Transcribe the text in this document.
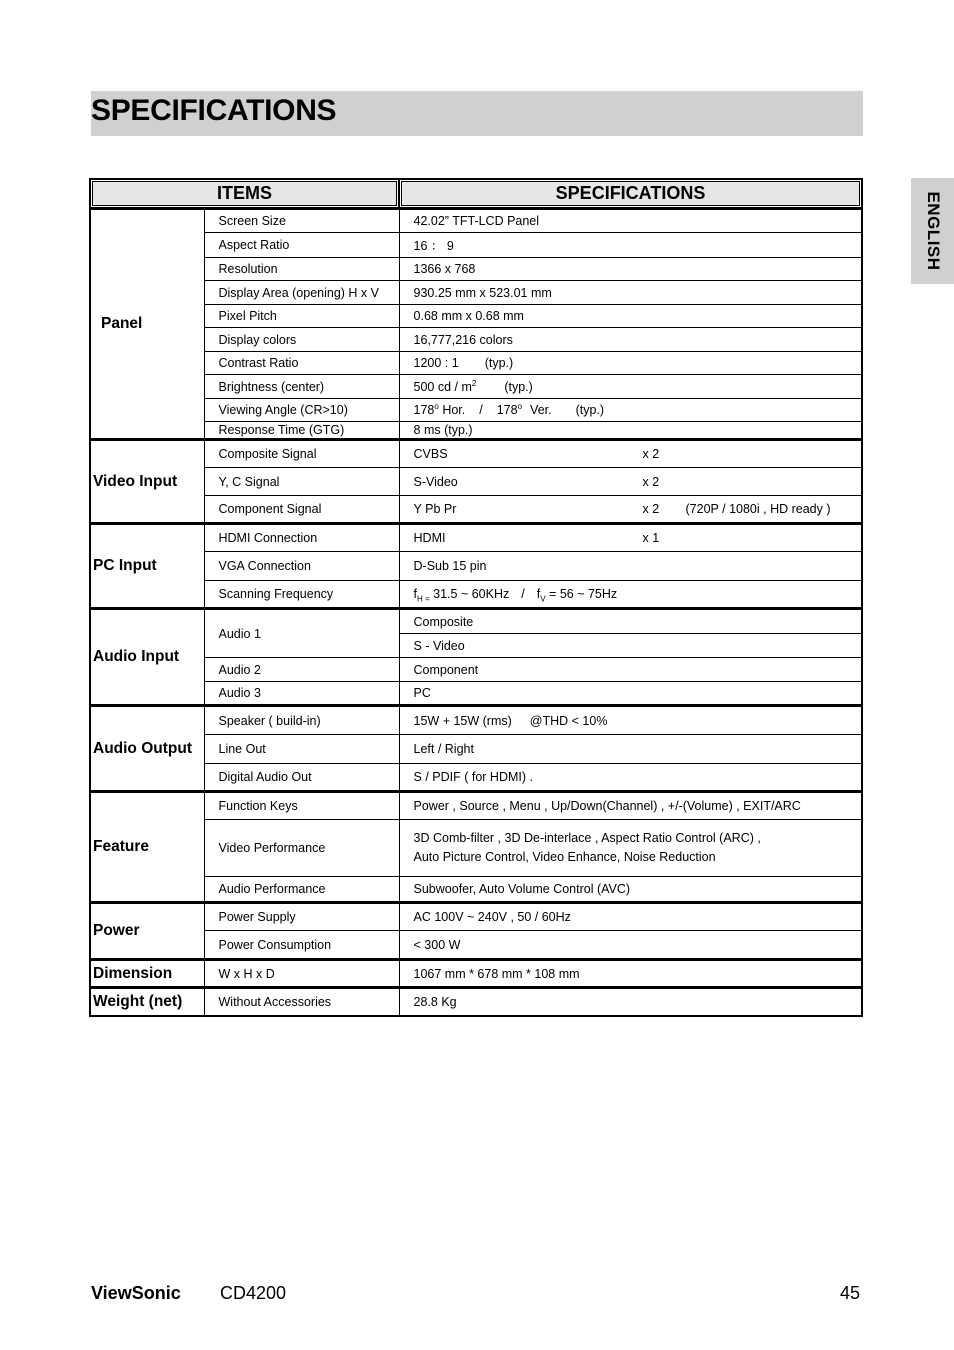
SPECIFICATIONS
ENGLISH
ITEMS		SPECIFICATIONS
Panel	Screen Size	42.02” TFT-LCD Panel
	Aspect Ratio	16 ： 9
	Resolution	1366 x 768
	Display Area (opening) H x V	930.25 mm x 523.01 mm
	Pixel Pitch	0.68 mm x 0.68 mm
	Display colors	16,777,216 colors
	Contrast Ratio	1200 : 1 (typ.)
	Brightness (center)	500 cd / $m^2$ (typ.)
	Viewing Angle (CR>10)	178$^o$ Hor. / 178$^o$ Ver. (typ.)
	Response Time (GTG)	8 ms (typ.)
Video Input	Composite Signal	CVBS x 2
	Y, C Signal	S-Video x 2
	Component Signal	Y Pb Pr x 2 (720P / 1080i , HD ready )
PC Input	HDMI Connection	HDMI x 1
	VGA Connection	D-Sub 15 pin
	Scanning Frequency	$f_{H =}$ 31.5 ~ $60KHz / f_V = 56$ ~ 75Hz
Audio Input	Audio 1	Composite
		S - Video
	Audio 2	Component
	Audio 3	PC
Audio Output	Speaker ( build-in)	15W + 15W (rms) @THD < 10%
	Line Out	Left / Right
	Digital Audio Out	S / PDIF ( for HDMI) .
Feature	Function Keys	Power , Source , Menu , Up/Down(Channel) , +/-(Volume) , EXIT/ARC
	Video Performance	3D Comb-filter , 3D De-interlace , Aspect Ratio Control (ARC) ,
Auto Picture Control, Video Enhance, Noise Reduction

	Audio Performance	Subwoofer, Auto Volume Control (AVC)
Power	Power Supply	AC 100V ~ 240V , 50 / 60Hz
	Power Consumption	< 300 W
Dimension	W x H x D	1067 mm * 678 mm * 108 mm
Weight (net)	Without Accessories	28.8 Kg
ViewSonic CD4200	45
